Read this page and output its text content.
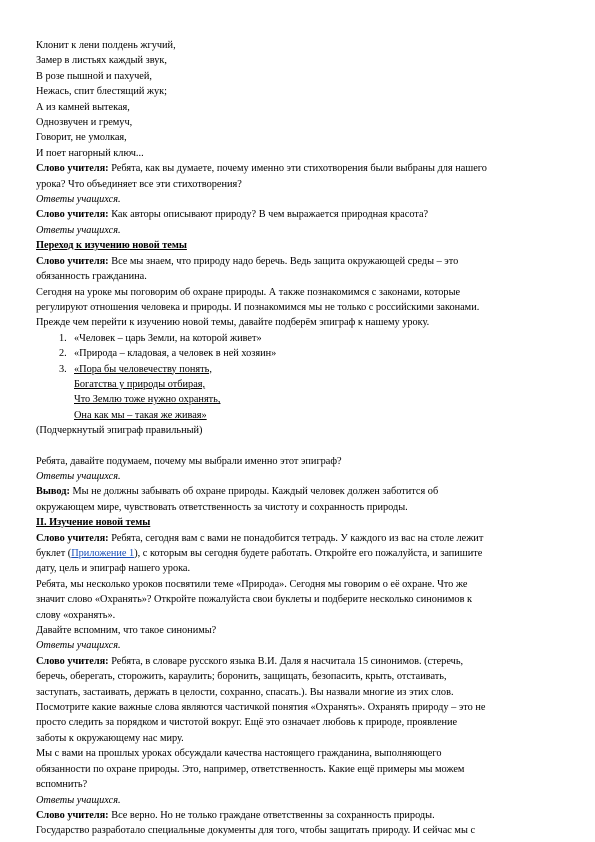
Клонит к лени полдень жгучий,
Замер в листьях каждый звук,
В розе пышной и пахучей,
Нежась, спит блестящий жук;
А из камней вытекая,
Однозвучен и гремуч,
Говорит, не умолкая,
И поет нагорный ключ...
Слово учителя: Ребята, как вы думаете, почему именно эти стихотворения были выбраны для нашего
урока? Что объединяет все эти стихотворения?
Ответы учащихся.
Слово учителя: Как авторы описывают природу? В чем выражается природная красота?
Ответы учащихся.
Переход к изучению новой темы
Слово учителя: Все мы знаем, что природу надо беречь. Ведь защита окружающей среды – это
обязанность гражданина.
Сегодня на уроке мы поговорим об охране природы. А также познакомимся с законами, которые
регулируют отношения человека и природы. И познакомимся мы не только с российскими законами.
Прежде чем перейти к изучению новой темы, давайте подберём эпиграф к нашему уроку.
1. «Человек – царь Земли, на которой живет»
2. «Природа – кладовая, а человек в ней хозяин»
3. «Пора бы человечеству понять,
Богатства у природы отбирая,
Что Землю тоже нужно охранять,
Она как мы – такая же живая»
(Подчеркнутый эпиграф правильный)
Ребята, давайте подумаем, почему мы выбрали именно этот эпиграф?
Ответы учащихся.
Вывод: Мы не должны забывать об охране природы. Каждый человек должен заботится об
окружающем мире, чувствовать ответственность за чистоту и сохранность природы.
II. Изучение новой темы
Слово учителя: Ребята, сегодня вам с вами не понадобится тетрадь. У каждого из вас на столе лежит
буклет (Приложение 1), с которым вы сегодня будете работать. Откройте его пожалуйста, и запишите
дату, цель и эпиграф нашего урока.
Ребята, мы несколько уроков посвятили теме «Природа». Сегодня мы говорим о её охране. Что же
значит слово «Охранять»? Откройте пожалуйста свои буклеты и подберите несколько синонимов к
слову «охранять».
Давайте вспомним, что такое синонимы?
Ответы учащихся.
Слово учителя: Ребята, в словаре русского языка В.И. Даля я насчитала 15 синонимов. (стеречь,
беречь, оберегать, сторожить, караулить; боронить, защищать, безопасить, крыть, отстаивать,
заступать, застаивать, держать в целости, сохранно, спасать.). Вы назвали многие из этих слов.
Посмотрите какие важные слова являются частичкой понятия «Охранять». Охранять природу – это не
просто следить за порядком и чистотой вокруг. Ещё это означает любовь к природе, проявление
заботы к окружающему нас миру.
Мы с вами на прошлых уроках обсуждали качества настоящего гражданина, выполняющего
обязанности по охране природы. Это, например, ответственность. Какие ещё примеры мы можем
вспомнить?
Ответы учащихся.
Слово учителя: Все верно. Но не только граждане ответственны за сохранность природы.
Государство разработало специальные документы для того, чтобы защитать природу. И сейчас мы с
